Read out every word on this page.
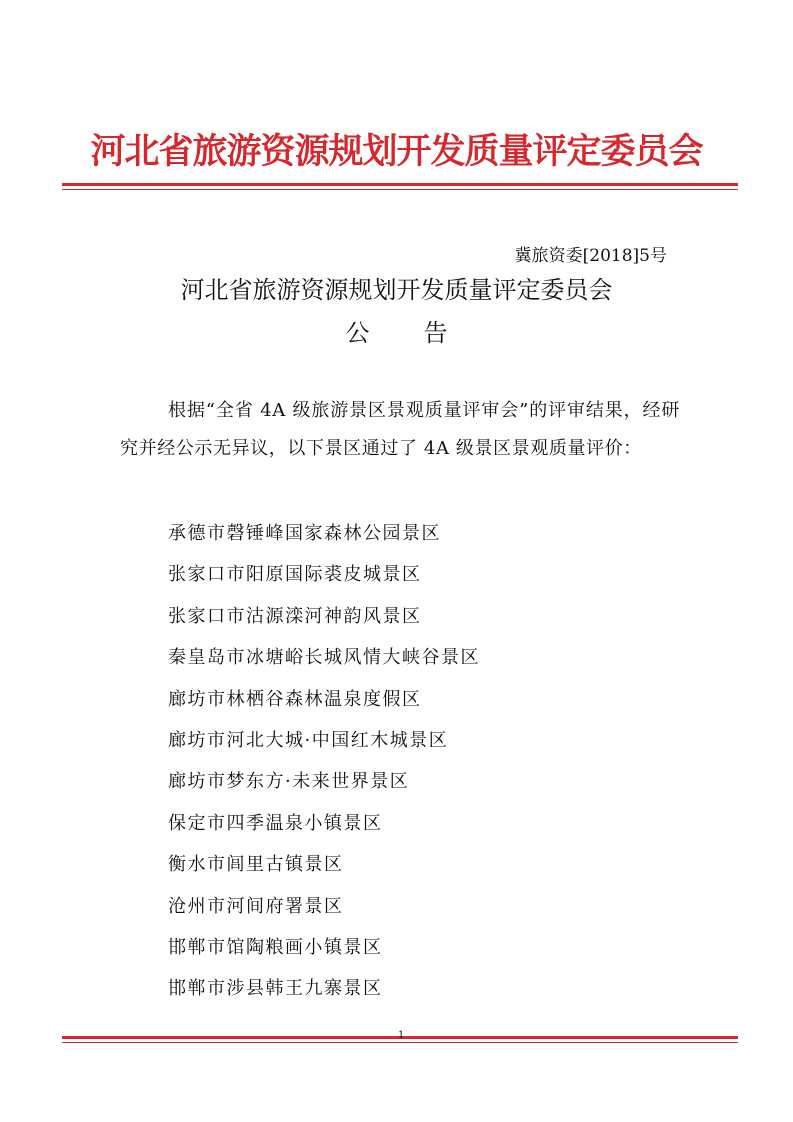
河北省旅游资源规划开发质量评定委员会
冀旅资委[2018]5号
河北省旅游资源规划开发质量评定委员会
公告

根据“全省 4A 级旅游景区景观质量评审会”的评审结果，经研究并经公示无异议，以下景区通过了 4A 级景区景观质量评价：

承德市磬锤峰国家森林公园景区
张家口市阳原国际裘皮城景区
张家口市沽源滦河神韵风景区
秦皇岛市冰塘峪长城风情大峡谷景区
廊坊市林栖谷森林温泉度假区
廊坊市河北大城·中国红木城景区
廊坊市梦东方·未来世界景区
保定市四季温泉小镇景区
衡水市闾里古镇景区
沧州市河间府署景区
邯郸市馆陶粮画小镇景区
邯郸市涉县韩王九寨景区
1
